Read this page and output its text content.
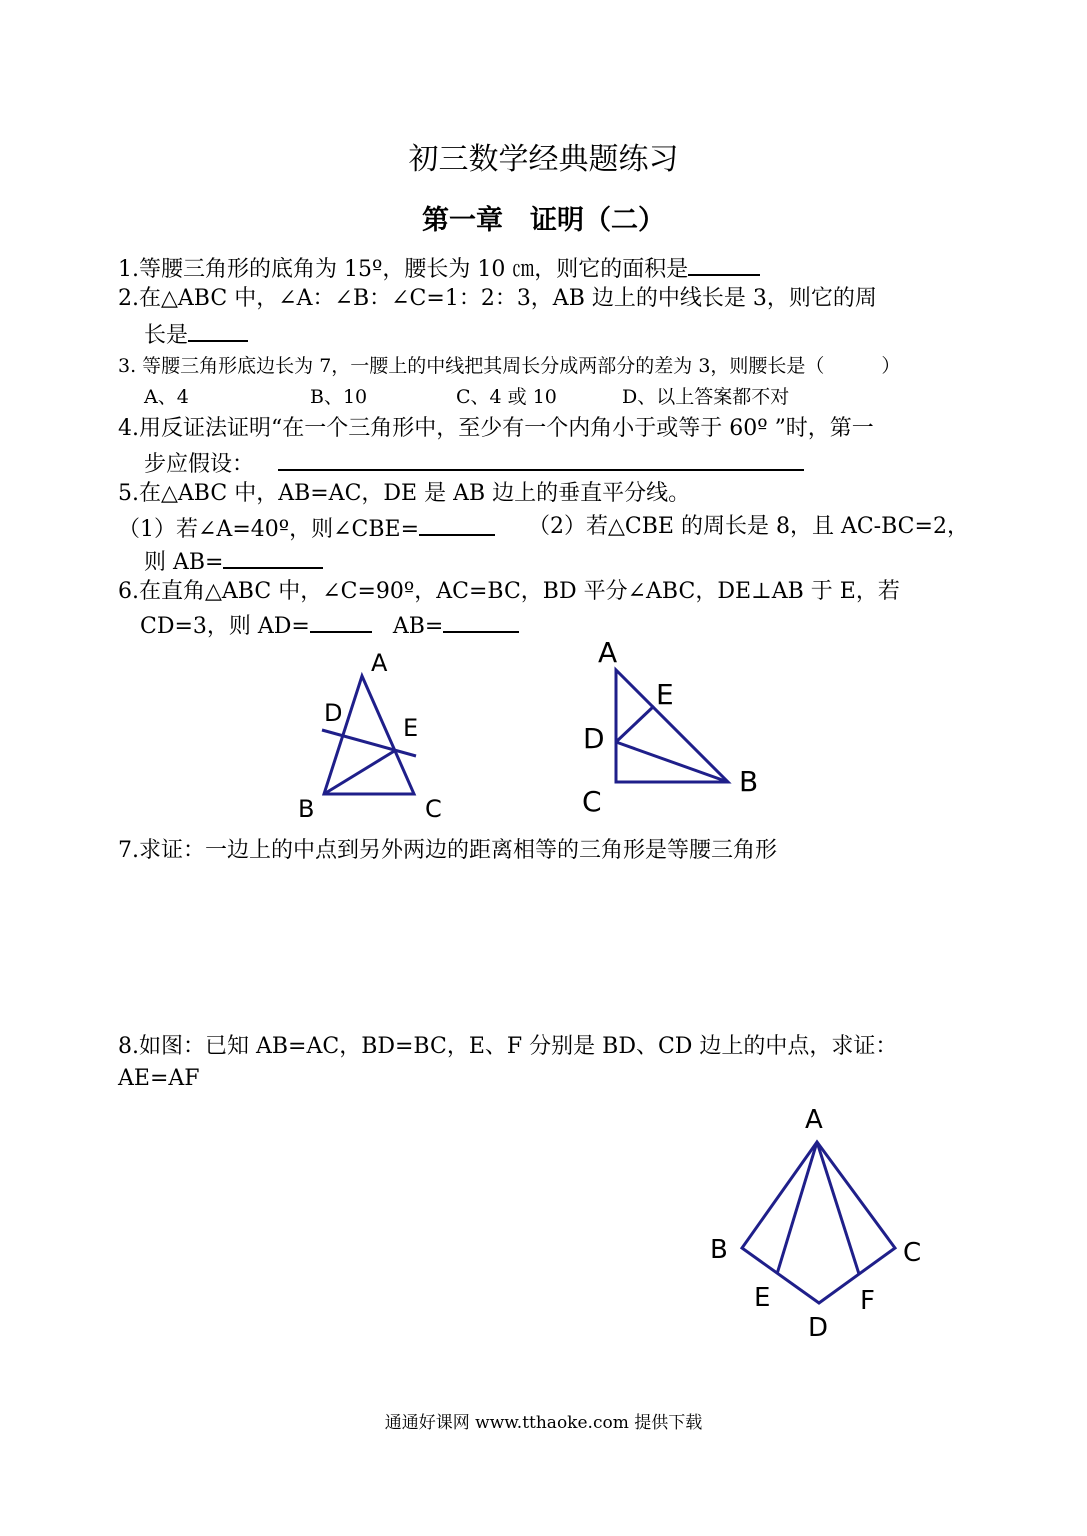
初三数学经典题练习
第一章　证明（二）
1.等腰三角形的底角为 15º，腰长为 10 ㎝，则它的面积是
2.在△ABC 中，∠A：∠B：∠C=1：2：3，AB 边上的中线长是 3，则它的周
长是
3. 等腰三角形底边长为 7，一腰上的中线把其周长分成两部分的差为 3，则腰长是（　　　）
A、4	B、10	C、4 或 10	D、以上答案都不对
4.用反证法证明“在一个三角形中，至少有一个内角小于或等于 60º ”时，第一
步应假设：
5.在△ABC 中，AB=AC，DE 是 AB 边上的垂直平分线。
（1）若∠A=40º，则∠CBE=	（2）若△CBE 的周长是 8，且 AC-BC=2，
则 AB=
6.在直角△ABC 中，∠C=90º，AC=BC，BD 平分∠ABC，DE⊥AB 于 E，若
CD=3，则 AD=	AB=
A
D
E
B	C
A
E
D
B
C
7.求证：一边上的中点到另外两边的距离相等的三角形是等腰三角形
8.如图：已知 AB=AC，BD=BC，E、F 分别是 BD、CD 边上的中点，求证：
AE=AF
A
B	C
E	F
D
通通好课网 www.tthaoke.com 提供下载
